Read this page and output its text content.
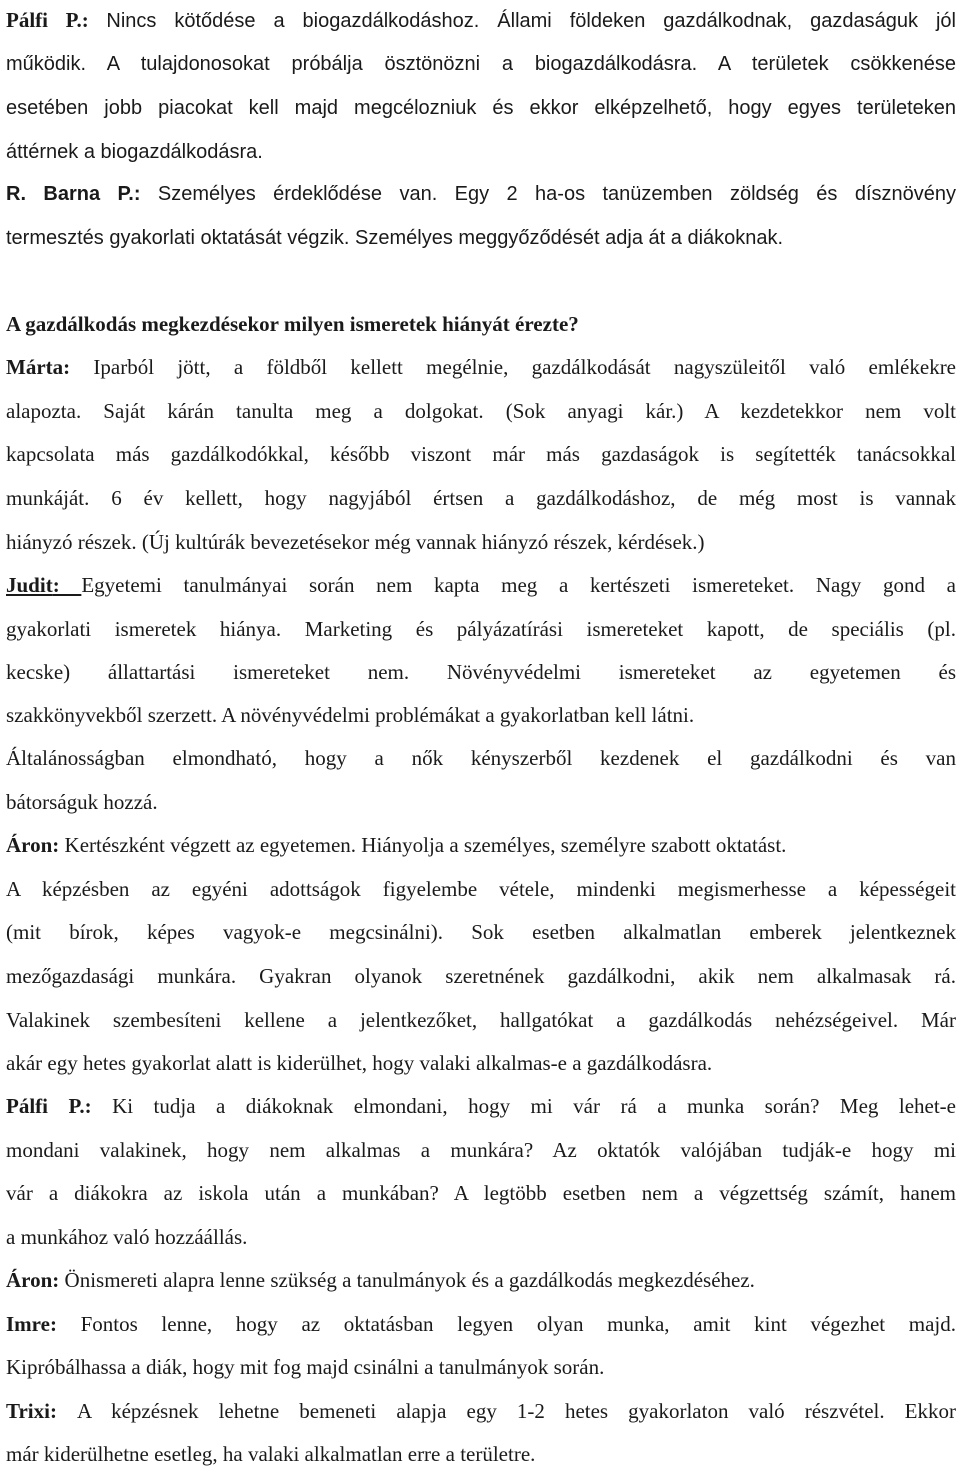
Pálfi P.: Nincs kötődése a biogazdálkodáshoz. Állami földeken gazdálkodnak, gazdaságuk jól
működik. A tulajdonosokat próbálja ösztönözni a biogazdálkodásra. A területek csökkenése
esetében jobb piacokat kell majd megcélozniuk és ekkor elképzelhető, hogy egyes területeken
áttérnek a biogazdálkodásra.
R. Barna P.: Személyes érdeklődése van. Egy 2 ha-os tanüzemben zöldség és dísznövény
termesztés gyakorlati oktatását végzik. Személyes meggyőződését adja át a diákoknak.
A gazdálkodás megkezdésekor milyen ismeretek hiányát érezte?
Márta: Iparból jött, a földből kellett megélnie, gazdálkodását nagyszüleitől való emlékekre
alapozta. Saját kárán tanulta meg a dolgokat. (Sok anyagi kár.) A kezdetekkor nem volt
kapcsolata más gazdálkodókkal, később viszont már más gazdaságok is segítették tanácsokkal
munkáját. 6 év kellett, hogy nagyjából értsen a gazdálkodáshoz, de még most is vannak
hiányzó részek. (Új kultúrák bevezetésekor még vannak hiányzó részek, kérdések.)
Judit: Egyetemi tanulmányai során nem kapta meg a kertészeti ismereteket. Nagy gond a
gyakorlati ismeretek hiánya. Marketing és pályázatírási ismereteket kapott, de speciális (pl.
kecske) állattartási ismereteket nem. Növényvédelmi ismereteket az egyetemen és
szakkönyvekből szerzett. A növényvédelmi problémákat a gyakorlatban kell látni.
Általánosságban elmondható, hogy a nők kényszerből kezdenek el gazdálkodni és van
bátorságuk hozzá.
Áron: Kertészként végzett az egyetemen. Hiányolja a személyes, személyre szabott oktatást.
A képzésben az egyéni adottságok figyelembe vétele, mindenki megismerhesse a képességeit
(mit bírok, képes vagyok-e megcsinálni). Sok esetben alkalmatlan emberek jelentkeznek
mezőgazdasági munkára. Gyakran olyanok szeretnének gazdálkodni, akik nem alkalmasak rá.
Valakinek szembesíteni kellene a jelentkezőket, hallgatókat a gazdálkodás nehézségeivel. Már
akár egy hetes gyakorlat alatt is kiderülhet, hogy valaki alkalmas-e a gazdálkodásra.
Pálfi P.: Ki tudja a diákoknak elmondani, hogy mi vár rá a munka során? Meg lehet-e
mondani valakinek, hogy nem alkalmas a munkára? Az oktatók valójában tudják-e hogy mi
vár a diákokra az iskola után a munkában? A legtöbb esetben nem a végzettség számít, hanem
a munkához való hozzáállás.
Áron: Önismereti alapra lenne szükség a tanulmányok és a gazdálkodás megkezdéséhez.
Imre: Fontos lenne, hogy az oktatásban legyen olyan munka, amit kint végezhet majd.
Kipróbálhassa a diák, hogy mit fog majd csinálni a tanulmányok során.
Trixi: A képzésnek lehetne bemeneti alapja egy 1-2 hetes gyakorlaton való részvétel. Ekkor
már kiderülhetne esetleg, ha valaki alkalmatlan erre a területre.
